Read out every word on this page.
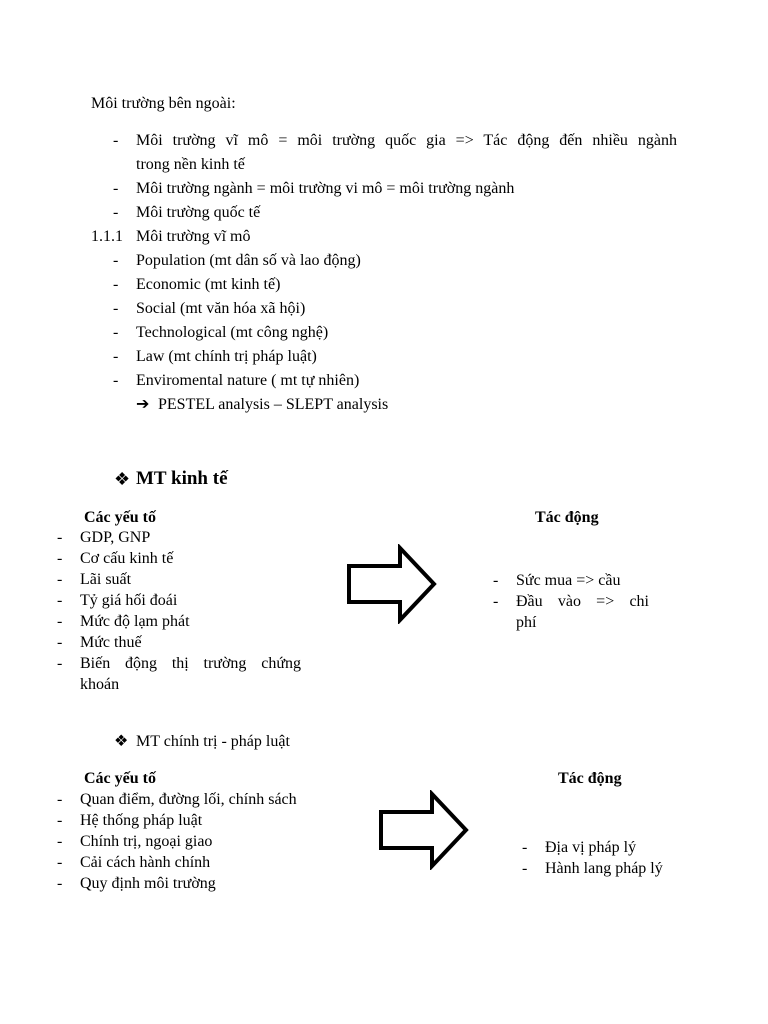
Môi trường bên ngoài:
- Môi trường vĩ mô = môi trường quốc gia => Tác động đến nhiều ngành
trong nền kinh tế
- Môi trường ngành = môi trường vi mô = môi trường ngành
- Môi trường quốc tế
1.1.1 Môi trường vĩ mô
- Population (mt dân số và lao động)
- Economic (mt kinh tế)
- Social (mt văn hóa xã hội)
- Technological (mt công nghệ)
- Law (mt chính trị pháp luật)
- Enviromental nature ( mt tự nhiên)
➔ PESTEL analysis – SLEPT analysis
❖ MT kinh tế
Các yếu tố	Tác động
- GDP, GNP
- Cơ cấu kinh tế
- Lãi suất
- Tỷ giá hối đoái
- Mức độ lạm phát
- Mức thuế
- Biến động thị trường chứng
khoán
- Sức mua => cầu
- Đầu vào => chi
phí
❖ MT chính trị - pháp luật
Các yếu tố	Tác động
- Quan điểm, đường lối, chính sách
- Hệ thống pháp luật
- Chính trị, ngoại giao
- Cải cách hành chính
- Quy định môi trường
- Địa vị pháp lý
- Hành lang pháp lý
